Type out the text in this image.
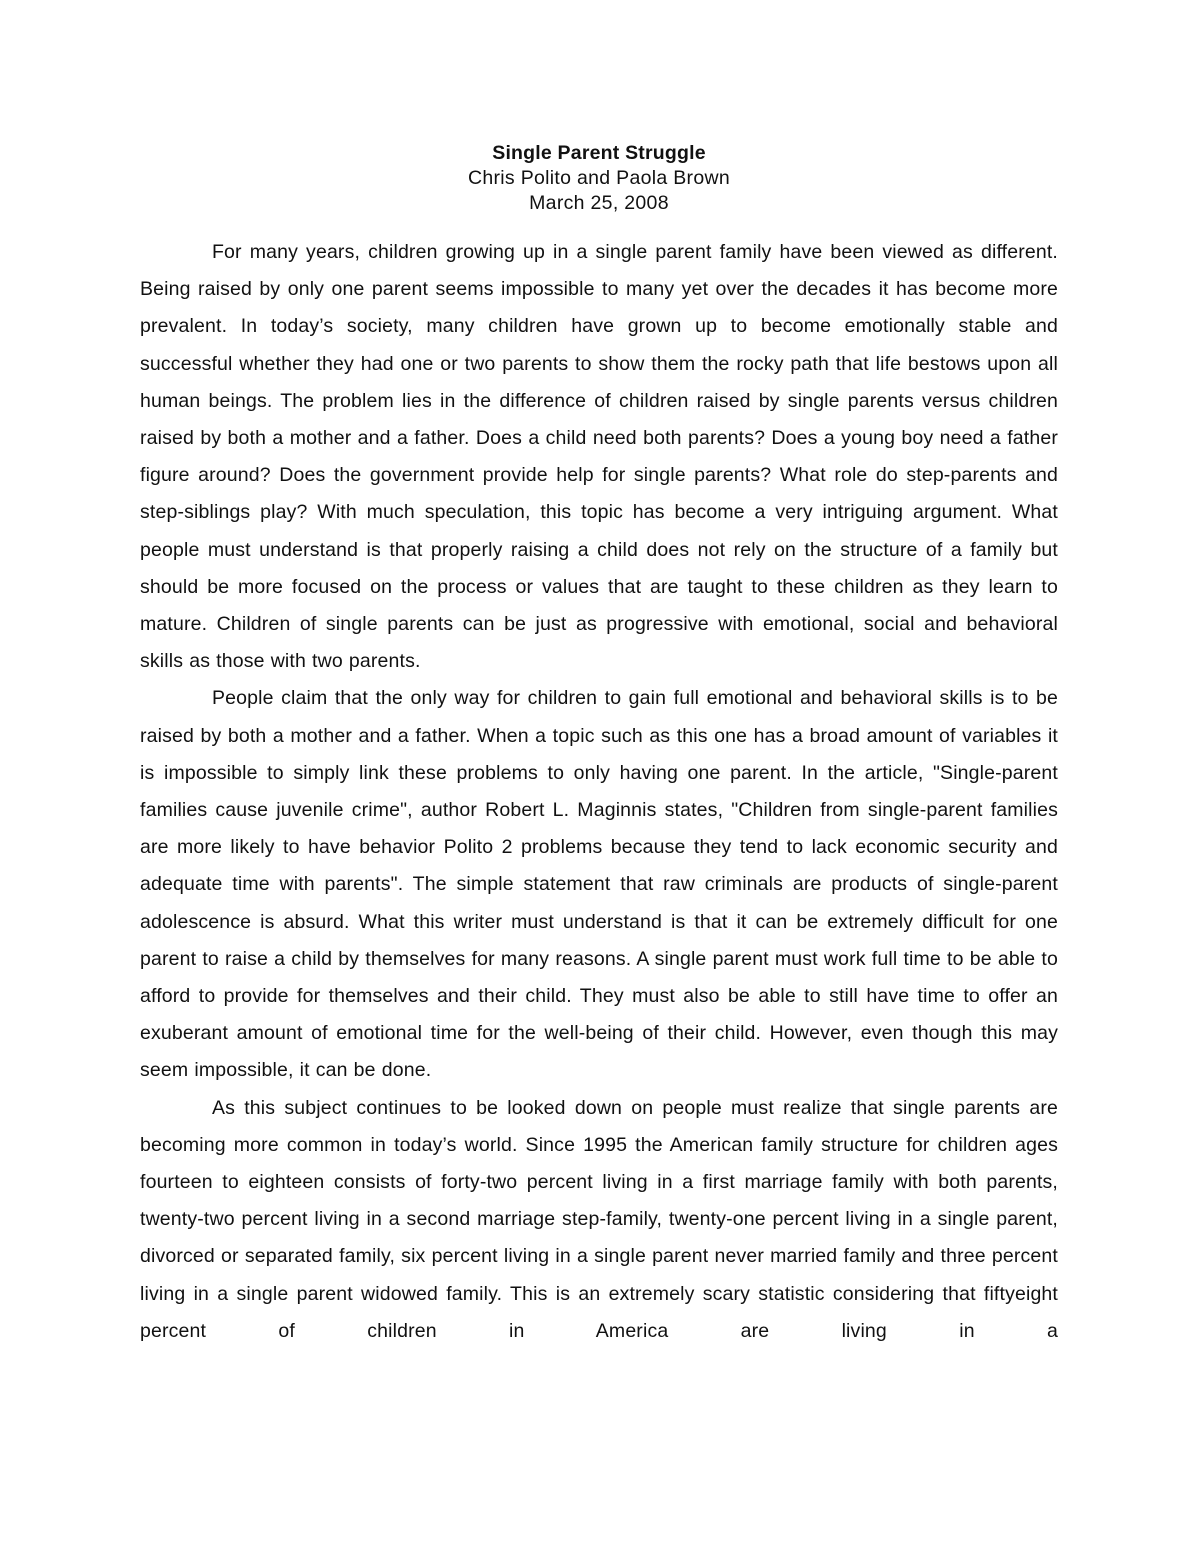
Single Parent Struggle

Chris Polito and Paola Brown

March 25, 2008

For many years, children growing up in a single parent family have been viewed as different. Being raised by only one parent seems impossible to many yet over the decades it has become more prevalent. In today’s society, many children have grown up to become emotionally stable and successful whether they had one or two parents to show them the rocky path that life bestows upon all human beings. The problem lies in the difference of children raised by single parents versus children raised by both a mother and a father. Does a child need both parents? Does a young boy need a father figure around? Does the government provide help for single parents? What role do step-parents and step-siblings play? With much speculation, this topic has become a very intriguing argument. What people must understand is that properly raising a child does not rely on the structure of a family but should be more focused on the process or values that are taught to these children as they learn to mature. Children of single parents can be just as progressive with emotional, social and behavioral skills as those with two parents.

People claim that the only way for children to gain full emotional and behavioral skills is to be raised by both a mother and a father. When a topic such as this one has a broad amount of variables it is impossible to simply link these problems to only having one parent. In the article, "Single-parent families cause juvenile crime", author Robert L. Maginnis states, "Children from single-parent families are more likely to have behavior Polito 2 problems because they tend to lack economic security and adequate time with parents". The simple statement that raw criminals are products of single-parent adolescence is absurd. What this writer must understand is that it can be extremely difficult for one parent to raise a child by themselves for many reasons. A single parent must work full time to be able to afford to provide for themselves and their child. They must also be able to still have time to offer an exuberant amount of emotional time for the well-being of their child. However, even though this may seem impossible, it can be done.

As this subject continues to be looked down on people must realize that single parents are becoming more common in today’s world. Since 1995 the American family structure for children ages fourteen to eighteen consists of forty-two percent living in a first marriage family with both parents, twenty-two percent living in a second marriage step-family, twenty-one percent living in a single parent, divorced or separated family, six percent living in a single parent never married family and three percent living in a single parent widowed family. This is an extremely scary statistic considering that fiftyeight percent of children in America are living in a
